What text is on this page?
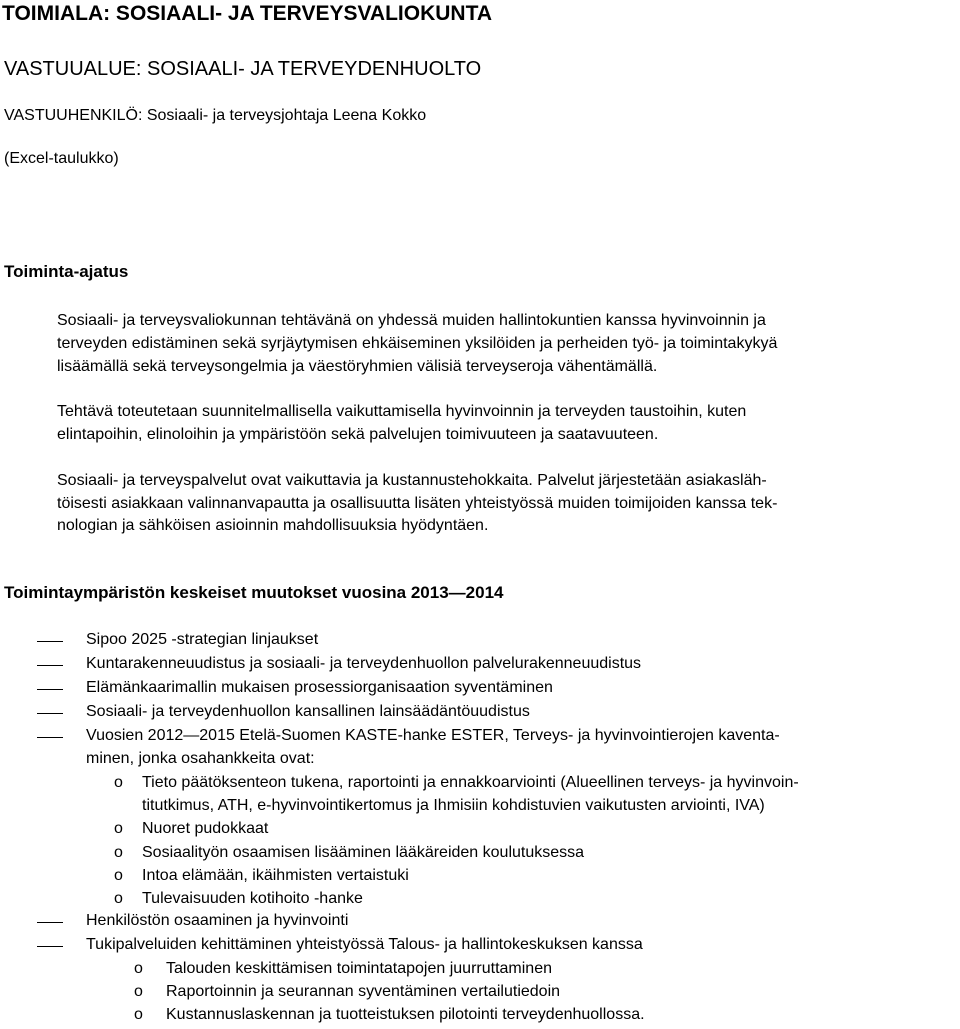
TOIMIALA: SOSIAALI- JA TERVEYSVALIOKUNTA
VASTUUALUE: SOSIAALI- JA TERVEYDENHUOLTO
VASTUUHENKILÖ: Sosiaali- ja terveysjohtaja Leena Kokko
(Excel-taulukko)
Toiminta-ajatus
Sosiaali- ja terveysvaliokunnan tehtävänä on yhdessä muiden hallintokuntien kanssa hyvinvoinnin ja
terveyden edistäminen sekä syrjäytymisen ehkäiseminen yksilöiden ja perheiden työ- ja toimintakykyä
lisäämällä sekä terveysongelmia ja väestöryhmien välisiä terveyseroja vähentämällä.
Tehtävä toteutetaan suunnitelmallisella vaikuttamisella hyvinvoinnin ja terveyden taustoihin, kuten
elintapoihin, elinoloihin ja ympäristöön sekä palvelujen toimivuuteen ja saatavuuteen.
Sosiaali- ja terveyspalvelut ovat vaikuttavia ja kustannustehokkaita. Palvelut järjestetään asiakasläh-
töisesti asiakkaan valinnanvapautta ja osallisuutta lisäten yhteistyössä muiden toimijoiden kanssa tek-
nologian ja sähköisen asioinnin mahdollisuuksia hyödyntäen.
Toimintaympäristön keskeiset muutokset vuosina 2013—2014
Sipoo 2025 -strategian linjaukset
Kuntarakenneuudistus ja sosiaali- ja terveydenhuollon palvelurakenneuudistus
Elämänkaarimallin mukaisen prosessiorganisaation syventäminen
Sosiaali- ja terveydenhuollon kansallinen lainsäädäntöuudistus
Vuosien 2012—2015 Etelä-Suomen KASTE-hanke ESTER, Terveys- ja hyvinvointierojen kaventa-
minen, jonka osahankkeita ovat:
o Tieto päätöksenteon tukena, raportointi ja ennakkoarviointi (Alueellinen terveys- ja hyvinvoin-
titutkimus, ATH, e-hyvinvointikertomus ja Ihmisiin kohdistuvien vaikutusten arviointi, IVA)
o Nuoret pudokkaat
o Sosiaalityön osaamisen lisääminen lääkäreiden koulutuksessa
o Intoa elämään, ikäihmisten vertaistuki
o Tulevaisuuden kotihoito -hanke
Henkilöstön osaaminen ja hyvinvointi
Tukipalveluiden kehittäminen yhteistyössä Talous- ja hallintokeskuksen kanssa
o Talouden keskittämisen toimintatapojen juurruttaminen
o Raportoinnin ja seurannan syventäminen vertailutiedoin
o Kustannuslaskennan ja tuotteistuksen pilotointi terveydenhuollossa.
